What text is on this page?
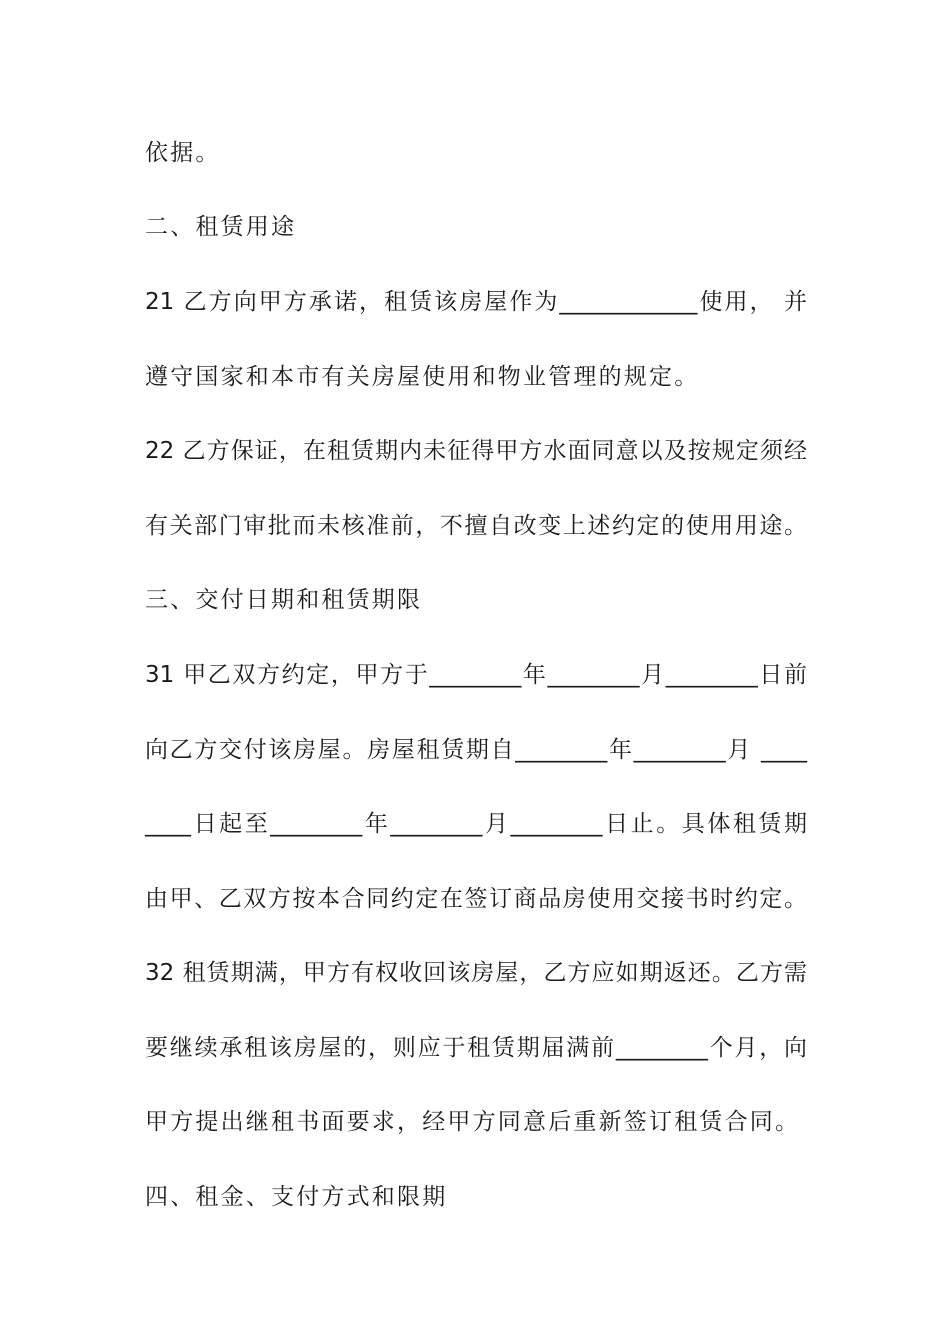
依据。
二、租赁用途
21 乙方向甲方承诺，租赁该房屋作为____________使用， 并
遵守国家和本市有关房屋使用和物业管理的规定。
22 乙方保证，在租赁期内未征得甲方水面同意以及按规定须经
有关部门审批而未核准前，不擅自改变上述约定的使用用途。
三、交付日期和租赁期限
31 甲乙双方约定，甲方于________年________月________日前
向乙方交付该房屋。房屋租赁期自________年________月 ____
____日起至________年________月________日止。具体租赁期
由甲、乙双方按本合同约定在签订商品房使用交接书时约定。
32 租赁期满，甲方有权收回该房屋，乙方应如期返还。乙方需
要继续承租该房屋的，则应于租赁期届满前________个月，向
甲方提出继租书面要求，经甲方同意后重新签订租赁合同。
四、租金、支付方式和限期
